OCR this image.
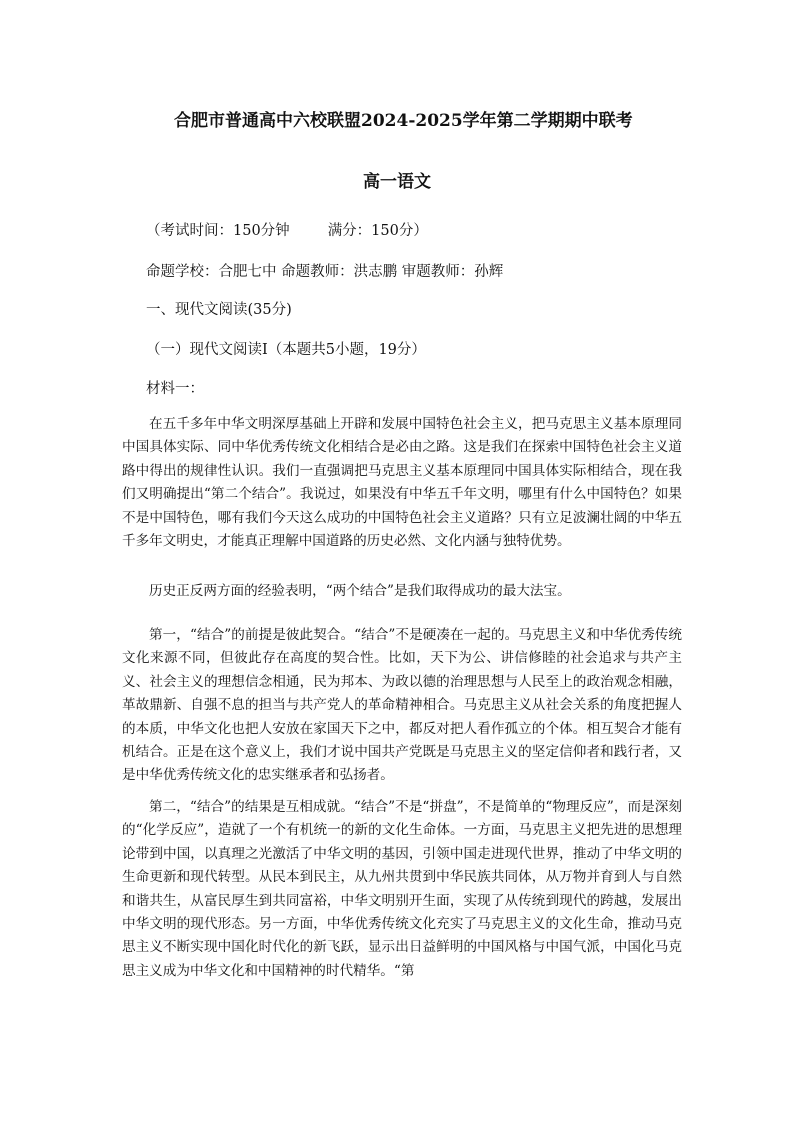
合肥市普通高中六校联盟2024-2025学年第二学期期中联考
高一语文
（考试时间：150分钟	满分：150分）
命题学校：合肥七中 命题教师：洪志鹏 审题教师：孙辉
一、现代文阅读(35分)
（一）现代文阅读Ⅰ（本题共5小题，19分）
材料一：

在五千多年中华文明深厚基础上开辟和发展中国特色社会主义，把马克思主义基本原理同中国具体实际、同中华优秀传统文化相结合是必由之路。这是我们在探索中国特色社会主义道路中得出的规律性认识。我们一直强调把马克思主义基本原理同中国具体实际相结合，现在我们又明确提出“第二个结合”。我说过，如果没有中华五千年文明，哪里有什么中国特色？如果不是中国特色，哪有我们今天这么成功的中国特色社会主义道路？只有立足波澜壮阔的中华五千多年文明史，才能真正理解中国道路的历史必然、文化内涵与独特优势。

历史正反两方面的经验表明，“两个结合”是我们取得成功的最大法宝。

第一，“结合”的前提是彼此契合。“结合”不是硬凑在一起的。马克思主义和中华优秀传统文化来源不同，但彼此存在高度的契合性。比如，天下为公、讲信修睦的社会追求与共产主义、社会主义的理想信念相通，民为邦本、为政以德的治理思想与人民至上的政治观念相融，革故鼎新、自强不息的担当与共产党人的革命精神相合。马克思主义从社会关系的角度把握人的本质，中华文化也把人安放在家国天下之中，都反对把人看作孤立的个体。相互契合才能有机结合。正是在这个意义上，我们才说中国共产党既是马克思主义的坚定信仰者和践行者，又是中华优秀传统文化的忠实继承者和弘扬者。

第二，“结合”的结果是互相成就。“结合”不是“拼盘”，不是简单的“物理反应”，而是深刻的“化学反应”，造就了一个有机统一的新的文化生命体。一方面，马克思主义把先进的思想理论带到中国，以真理之光激活了中华文明的基因，引领中国走进现代世界，推动了中华文明的生命更新和现代转型。从民本到民主，从九州共贯到中华民族共同体，从万物并育到人与自然和谐共生，从富民厚生到共同富裕，中华文明别开生面，实现了从传统到现代的跨越，发展出中华文明的现代形态。另一方面，中华优秀传统文化充实了马克思主义的文化生命，推动马克思主义不断实现中国化时代化的新飞跃，显示出日益鲜明的中国风格与中国气派，中国化马克思主义成为中华文化和中国精神的时代精华。“第
